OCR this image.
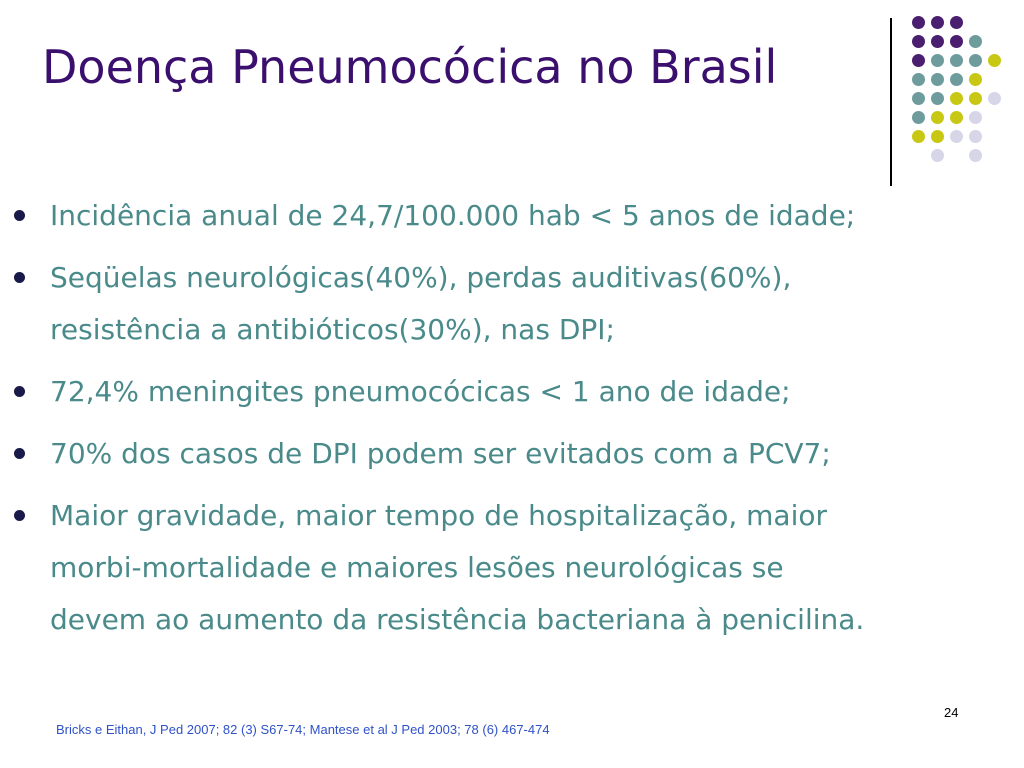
Doença Pneumocócica no Brasil
Incidência anual de 24,7/100.000 hab < 5 anos de idade;
Seqüelas neurológicas(40%), perdas auditivas(60%),
resistência a antibióticos(30%), nas DPI;
72,4% meningites pneumocócicas < 1 ano de idade;
70% dos casos de DPI podem ser evitados com a PCV7;
Maior gravidade, maior tempo de hospitalização, maior
morbi-mortalidade e maiores lesões neurológicas se
devem ao aumento da resistência bacteriana à penicilina.
Bricks e Eithan, J Ped 2007; 82 (3) S67-74; Mantese et al J Ped 2003; 78 (6) 467-474
24
